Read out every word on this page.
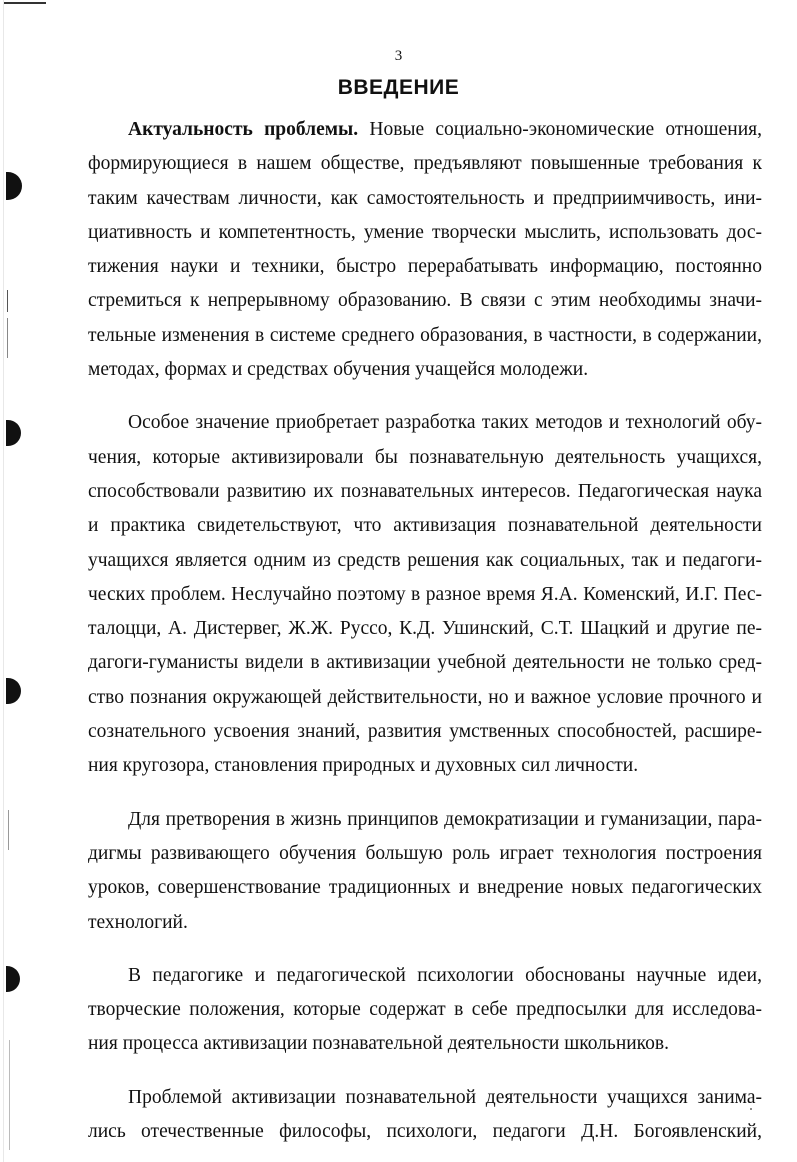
3
ВВЕДЕНИЕ

Актуальность проблемы. Новые социально-экономические отношения,
формирующиеся в нашем обществе, предъявляют повышенные требования к
таким качествам личности, как самостоятельность и предприимчивость, ини-
циативность и компетентность, умение творчески мыслить, использовать дос-
тижения науки и техники, быстро перерабатывать информацию, постоянно
стремиться к непрерывному образованию. В связи с этим необходимы значи-
тельные изменения в системе среднего образования, в частности, в содержании,
методах, формах и средствах обучения учащейся молодежи.

Особое значение приобретает разработка таких методов и технологий обу-
чения, которые активизировали бы познавательную деятельность учащихся,
способствовали развитию их познавательных интересов. Педагогическая наука
и практика свидетельствуют, что активизация познавательной деятельности
учащихся является одним из средств решения как социальных, так и педагоги-
ческих проблем. Неслучайно поэтому в разное время Я.А. Коменский, И.Г. Пес-
талоцци, А. Дистервег, Ж.Ж. Руссо, К.Д. Ушинский, С.Т. Шацкий и другие пе-
дагоги-гуманисты видели в активизации учебной деятельности не только сред-
ство познания окружающей действительности, но и важное условие прочного и
сознательного усвоения знаний, развития умственных способностей, расшире-
ния кругозора, становления природных и духовных сил личности.

Для претворения в жизнь принципов демократизации и гуманизации, пара-
дигмы развивающего обучения большую роль играет технология построения
уроков, совершенствование традиционных и внедрение новых педагогических
технологий.

В педагогике и педагогической психологии обоснованы научные идеи,
творческие положения, которые содержат в себе предпосылки для исследова-
ния процесса активизации познавательной деятельности школьников.

Проблемой активизации познавательной деятельности учащихся занима-
лись отечественные философы, психологи, педагоги Д.Н. Богоявленский,
